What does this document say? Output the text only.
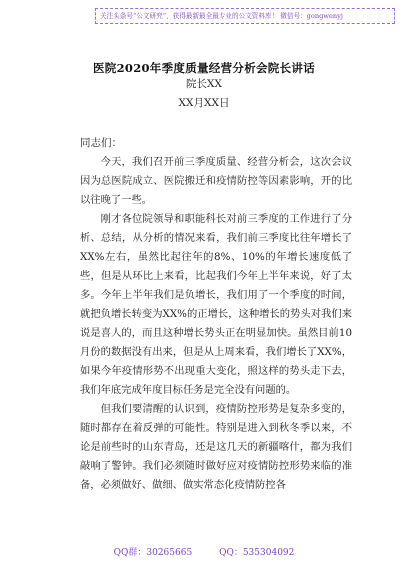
关注头条号“公文研究”，获得最新最全最专业的公文资料库！ 微信号：gongwenyj
医院2020年季度质量经营分析会院长讲话
院长XX
XX月XX日
同志们：

今天，我们召开前三季度质量、经营分析会，这次会议因为总医院成立、医院搬迁和疫情防控等因素影响，开的比以往晚了一些。

刚才各位院领导和职能科长对前三季度的工作进行了分析、总结，从分析的情况来看，我们前三季度比往年增长了XX%左右，虽然比起往年的8%、10%的年增长速度低了些，但是从环比上来看，比起我们今年上半年来说，好了太多。今年上半年我们是负增长，我们用了一个季度的时间，就把负增长转变为XX%的正增长，这种增长的势头对我们来说是喜人的，而且这种增长势头正在明显加快。虽然目前10月份的数据没有出来，但是从上周来看，我们增长了XX%，如果今年疫情形势不出现重大变化，照这样的势头走下去，我们年底完成年度目标任务是完全没有问题的。

但我们要清醒的认识到，疫情防控形势是复杂多变的，随时都存在着反弹的可能性。特别是进入到秋冬季以来，不论是前些时的山东青岛，还是这几天的新疆喀什，都为我们敲响了警钟。我们必须随时做好应对疫情防控形势来临的准备，必须做好、做细、做实常态化疫情防控各

QQ群：30265665	QQ：535304092
